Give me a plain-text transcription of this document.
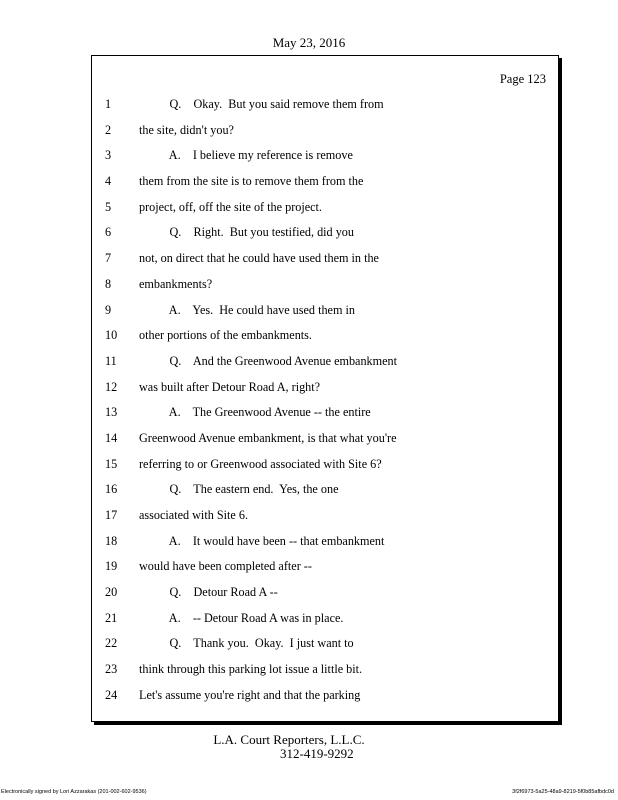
May 23, 2016
Page 123
1	Q.    Okay.  But you said remove them from
2	the site, didn't you?
3	A.    I believe my reference is remove
4	them from the site is to remove them from the
5	project, off, off the site of the project.
6	Q.    Right.  But you testified, did you
7	not, on direct that he could have used them in the
8	embankments?
9	A.    Yes.  He could have used them in
10	other portions of the embankments.
11	Q.    And the Greenwood Avenue embankment
12	was built after Detour Road A, right?
13	A.    The Greenwood Avenue -- the entire
14	Greenwood Avenue embankment, is that what you're
15	referring to or Greenwood associated with Site 6?
16	Q.    The eastern end.  Yes, the one
17	associated with Site 6.
18	A.    It would have been -- that embankment
19	would have been completed after --
20	Q.    Detour Road A --
21	A.    -- Detour Road A was in place.
22	Q.    Thank you.  Okay.  I just want to
23	think through this parking lot issue a little bit.
24	Let's assume you're right and that the parking
L.A. Court Reporters, L.L.C.
312-419-9292
Electronically signed by Lori Azzarakas (201-002-602-9536)	3f2f6973-5a25-48a9-8219-5f0b85afbdc0d
